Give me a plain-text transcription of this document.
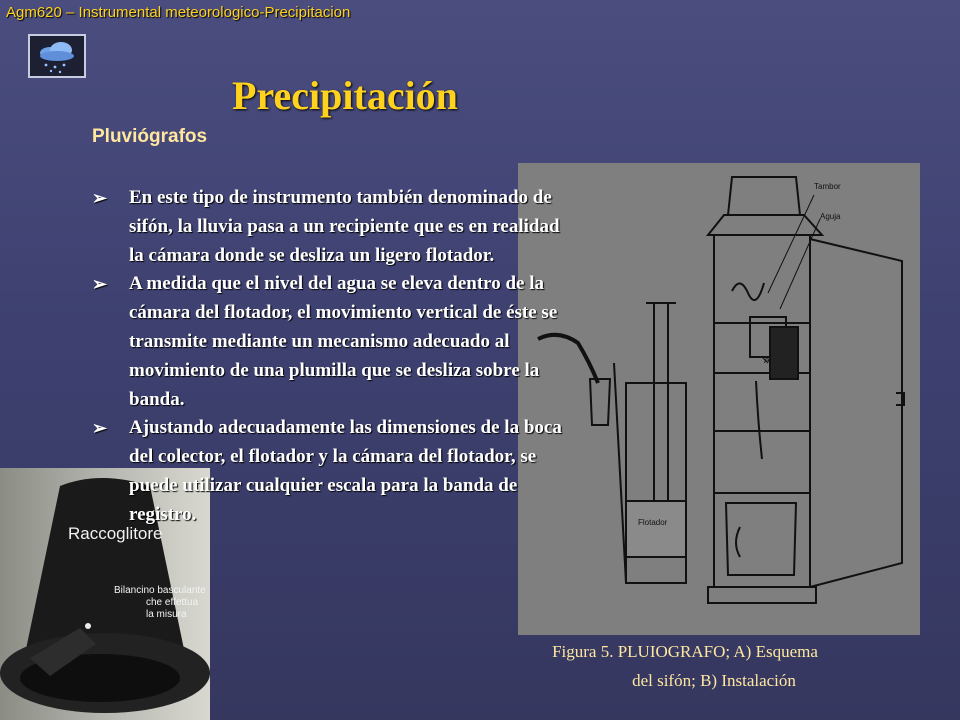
Agm620 – Instrumental meteorologico-Precipitacion
Precipitación
Pluviógrafos
Tambor
Aguja
A
Flotador
Raccoglitore
Bilancino basculante
che effettua
la misura
➢ En este tipo de instrumento también denominado de sifón, la lluvia pasa a un recipiente que es en realidad la cámara donde se desliza un ligero flotador.
➢ A medida que el nivel del agua se eleva dentro de la cámara del flotador, el movimiento vertical de éste se transmite mediante un mecanismo adecuado al movimiento de una plumilla que se desliza sobre la banda.
➢ Ajustando adecuadamente las dimensiones de la boca del colector, el flotador y la cámara del flotador, se puede utilizar cualquier escala para la banda de registro.
Figura 5. PLUIOGRAFO; A) Esquema
del sifón; B) Instalación
